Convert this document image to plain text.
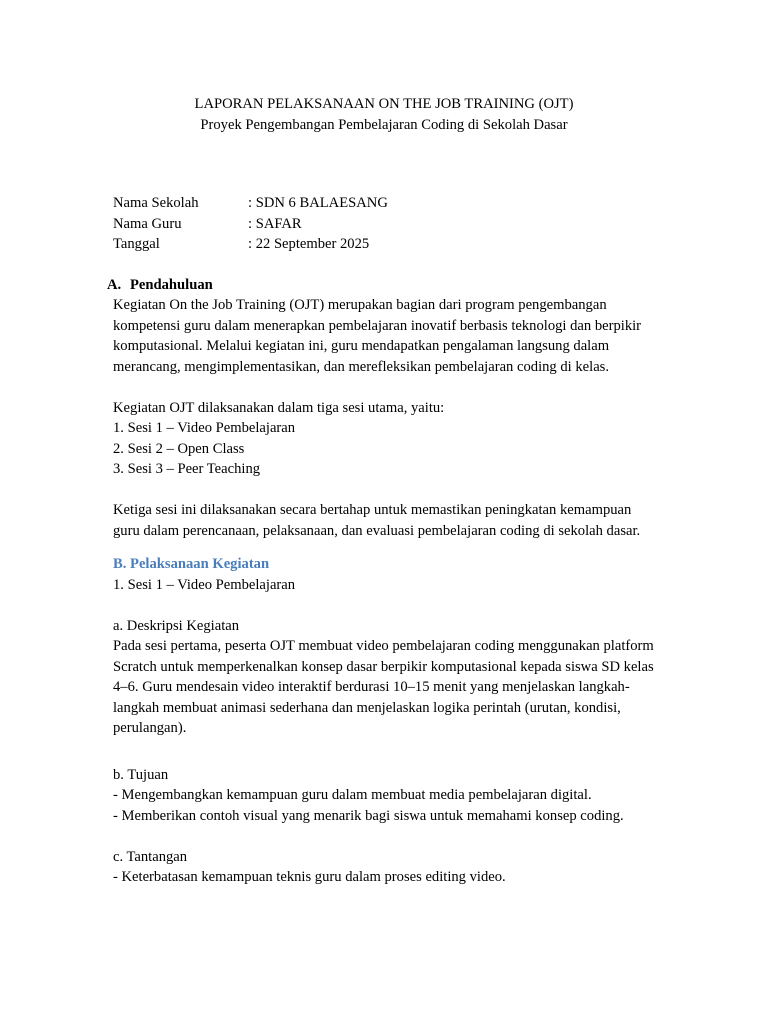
LAPORAN PELAKSANAAN ON THE JOB TRAINING (OJT)
Proyek Pengembangan Pembelajaran Coding di Sekolah Dasar
Nama Sekolah	: SDN 6 BALAESANG
Nama Guru	: SAFAR
Tanggal	: 22 September 2025
A. Pendahuluan

Kegiatan On the Job Training (OJT) merupakan bagian dari program pengembangan kompetensi guru dalam menerapkan pembelajaran inovatif berbasis teknologi dan berpikir komputasional. Melalui kegiatan ini, guru mendapatkan pengalaman langsung dalam merancang, mengimplementasikan, dan merefleksikan pembelajaran coding di kelas.

Kegiatan OJT dilaksanakan dalam tiga sesi utama, yaitu:

1. Sesi 1 – Video Pembelajaran
2. Sesi 2 – Open Class
3. Sesi 3 – Peer Teaching

Ketiga sesi ini dilaksanakan secara bertahap untuk memastikan peningkatan kemampuan guru dalam perencanaan, pelaksanaan, dan evaluasi pembelajaran coding di sekolah dasar.

B. Pelaksanaan Kegiatan
1. Sesi 1 – Video Pembelajaran
a. Deskripsi Kegiatan

Pada sesi pertama, peserta OJT membuat video pembelajaran coding menggunakan platform Scratch untuk memperkenalkan konsep dasar berpikir komputasional kepada siswa SD kelas 4–6. Guru mendesain video interaktif berdurasi 10–15 menit yang menjelaskan langkah-langkah membuat animasi sederhana dan menjelaskan logika perintah (urutan, kondisi, perulangan).

b. Tujuan
- Mengembangkan kemampuan guru dalam membuat media pembelajaran digital.
- Memberikan contoh visual yang menarik bagi siswa untuk memahami konsep coding.
c. Tantangan
- Keterbatasan kemampuan teknis guru dalam proses editing video.
